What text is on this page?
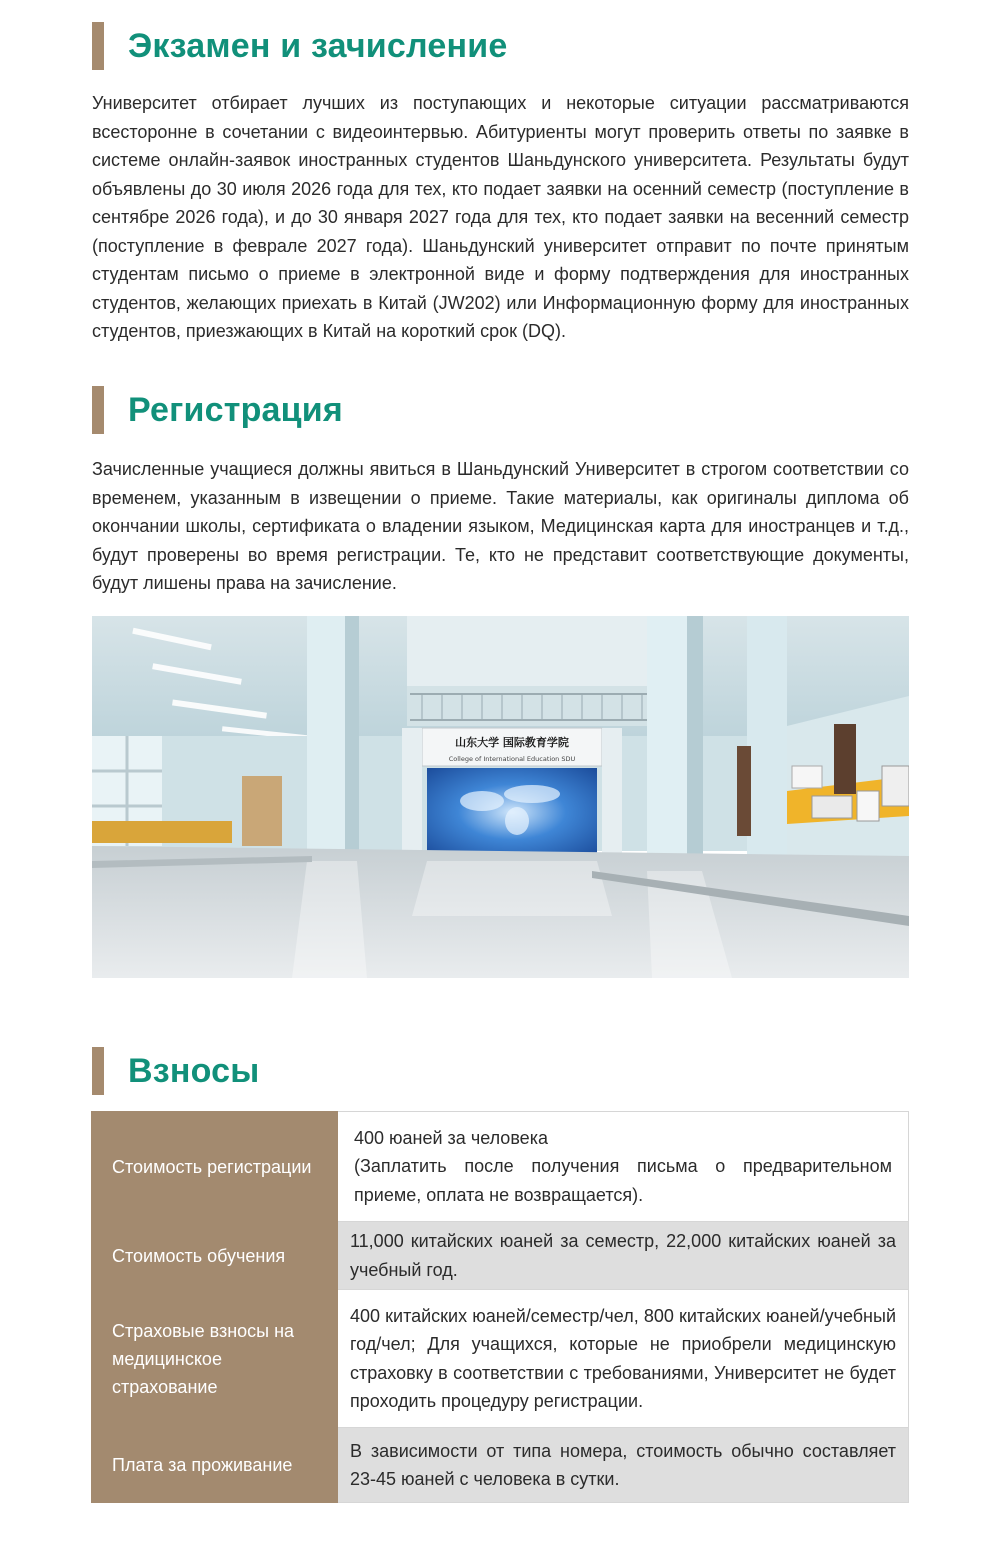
Экзамен и зачисление

Университет отбирает лучших из поступающих и некоторые ситуации рассматриваются всесторонне в сочетании с видеоинтервью. Абитуриенты могут проверить ответы по заявке в системе онлайн-заявок иностранных студентов Шаньдунского университета. Результаты будут объявлены до 30 июля 2026 года для тех, кто подает заявки на осенний семестр (поступление в сентябре 2026 года), и до 30 января 2027 года для тех, кто подает заявки на весенний семестр (поступление в феврале 2027 года). Шаньдунский университет отправит по почте принятым студентам письмо о приеме в электронной виде и форму подтверждения для иностранных студентов, желающих приехать в Китай (JW202) или Информационную форму для иностранных студентов, приезжающих в Китай на короткий срок (DQ).

Регистрация

Зачисленные учащиеся должны явиться в Шаньдунский Университет в строгом соответствии со временем, указанным в извещении о приеме. Такие материалы, как оригиналы диплома об окончании школы, сертификата о владении языком, Медицинская карта для иностранцев и т.д., будут проверены во время регистрации. Те, кто не представит соответствующие документы, будут лишены права на зачисление.

山东大学 国际教育学院
College of International Education SDU
Взносы
Стоимость регистрации	400 юаней за человека
(Заплатить после получения письма о предварительном приеме, оплата не возвращается).

Стоимость обучения	11,000 китайских юаней за семестр, 22,000 китайских юаней за учебный год.

Страховые взносы на медицинское страхование	400 китайских юаней/семестр/чел, 800 китайских юаней/учебный год/чел; Для учащихся, которые не приобрели медицинскую страховку в соответствии с требованиями, Университет не будет проходить процедуру регистрации.

Плата за проживание	В зависимости от типа номера, стоимость обычно составляет 23-45 юаней с человека в сутки.
